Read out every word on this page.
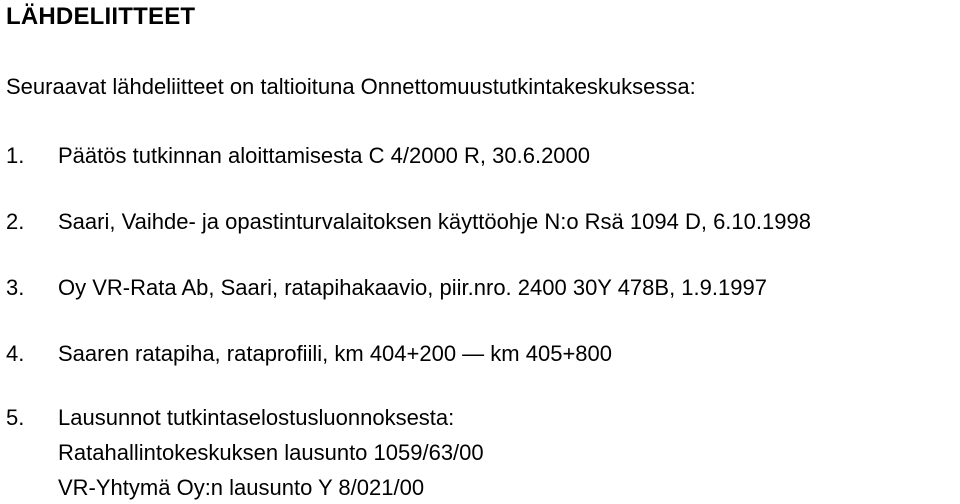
LÄHDELIITTEET
Seuraavat lähdeliitteet on taltioituna Onnettomuustutkintakeskuksessa:
1. Päätös tutkinnan aloittamisesta C 4/2000 R, 30.6.2000
2. Saari, Vaihde- ja opastinturvalaitoksen käyttöohje N:o Rsä 1094 D, 6.10.1998
3. Oy VR-Rata Ab, Saari, ratapihakaavio, piir.nro. 2400 30Y 478B, 1.9.1997
4. Saaren ratapiha, rataprofiili, km 404+200 — km 405+800
5. Lausunnot tutkintaselostusluonnoksesta:
Ratahallintokeskuksen lausunto 1059/63/00
VR-Yhtymä Oy:n lausunto Y 8/021/00
